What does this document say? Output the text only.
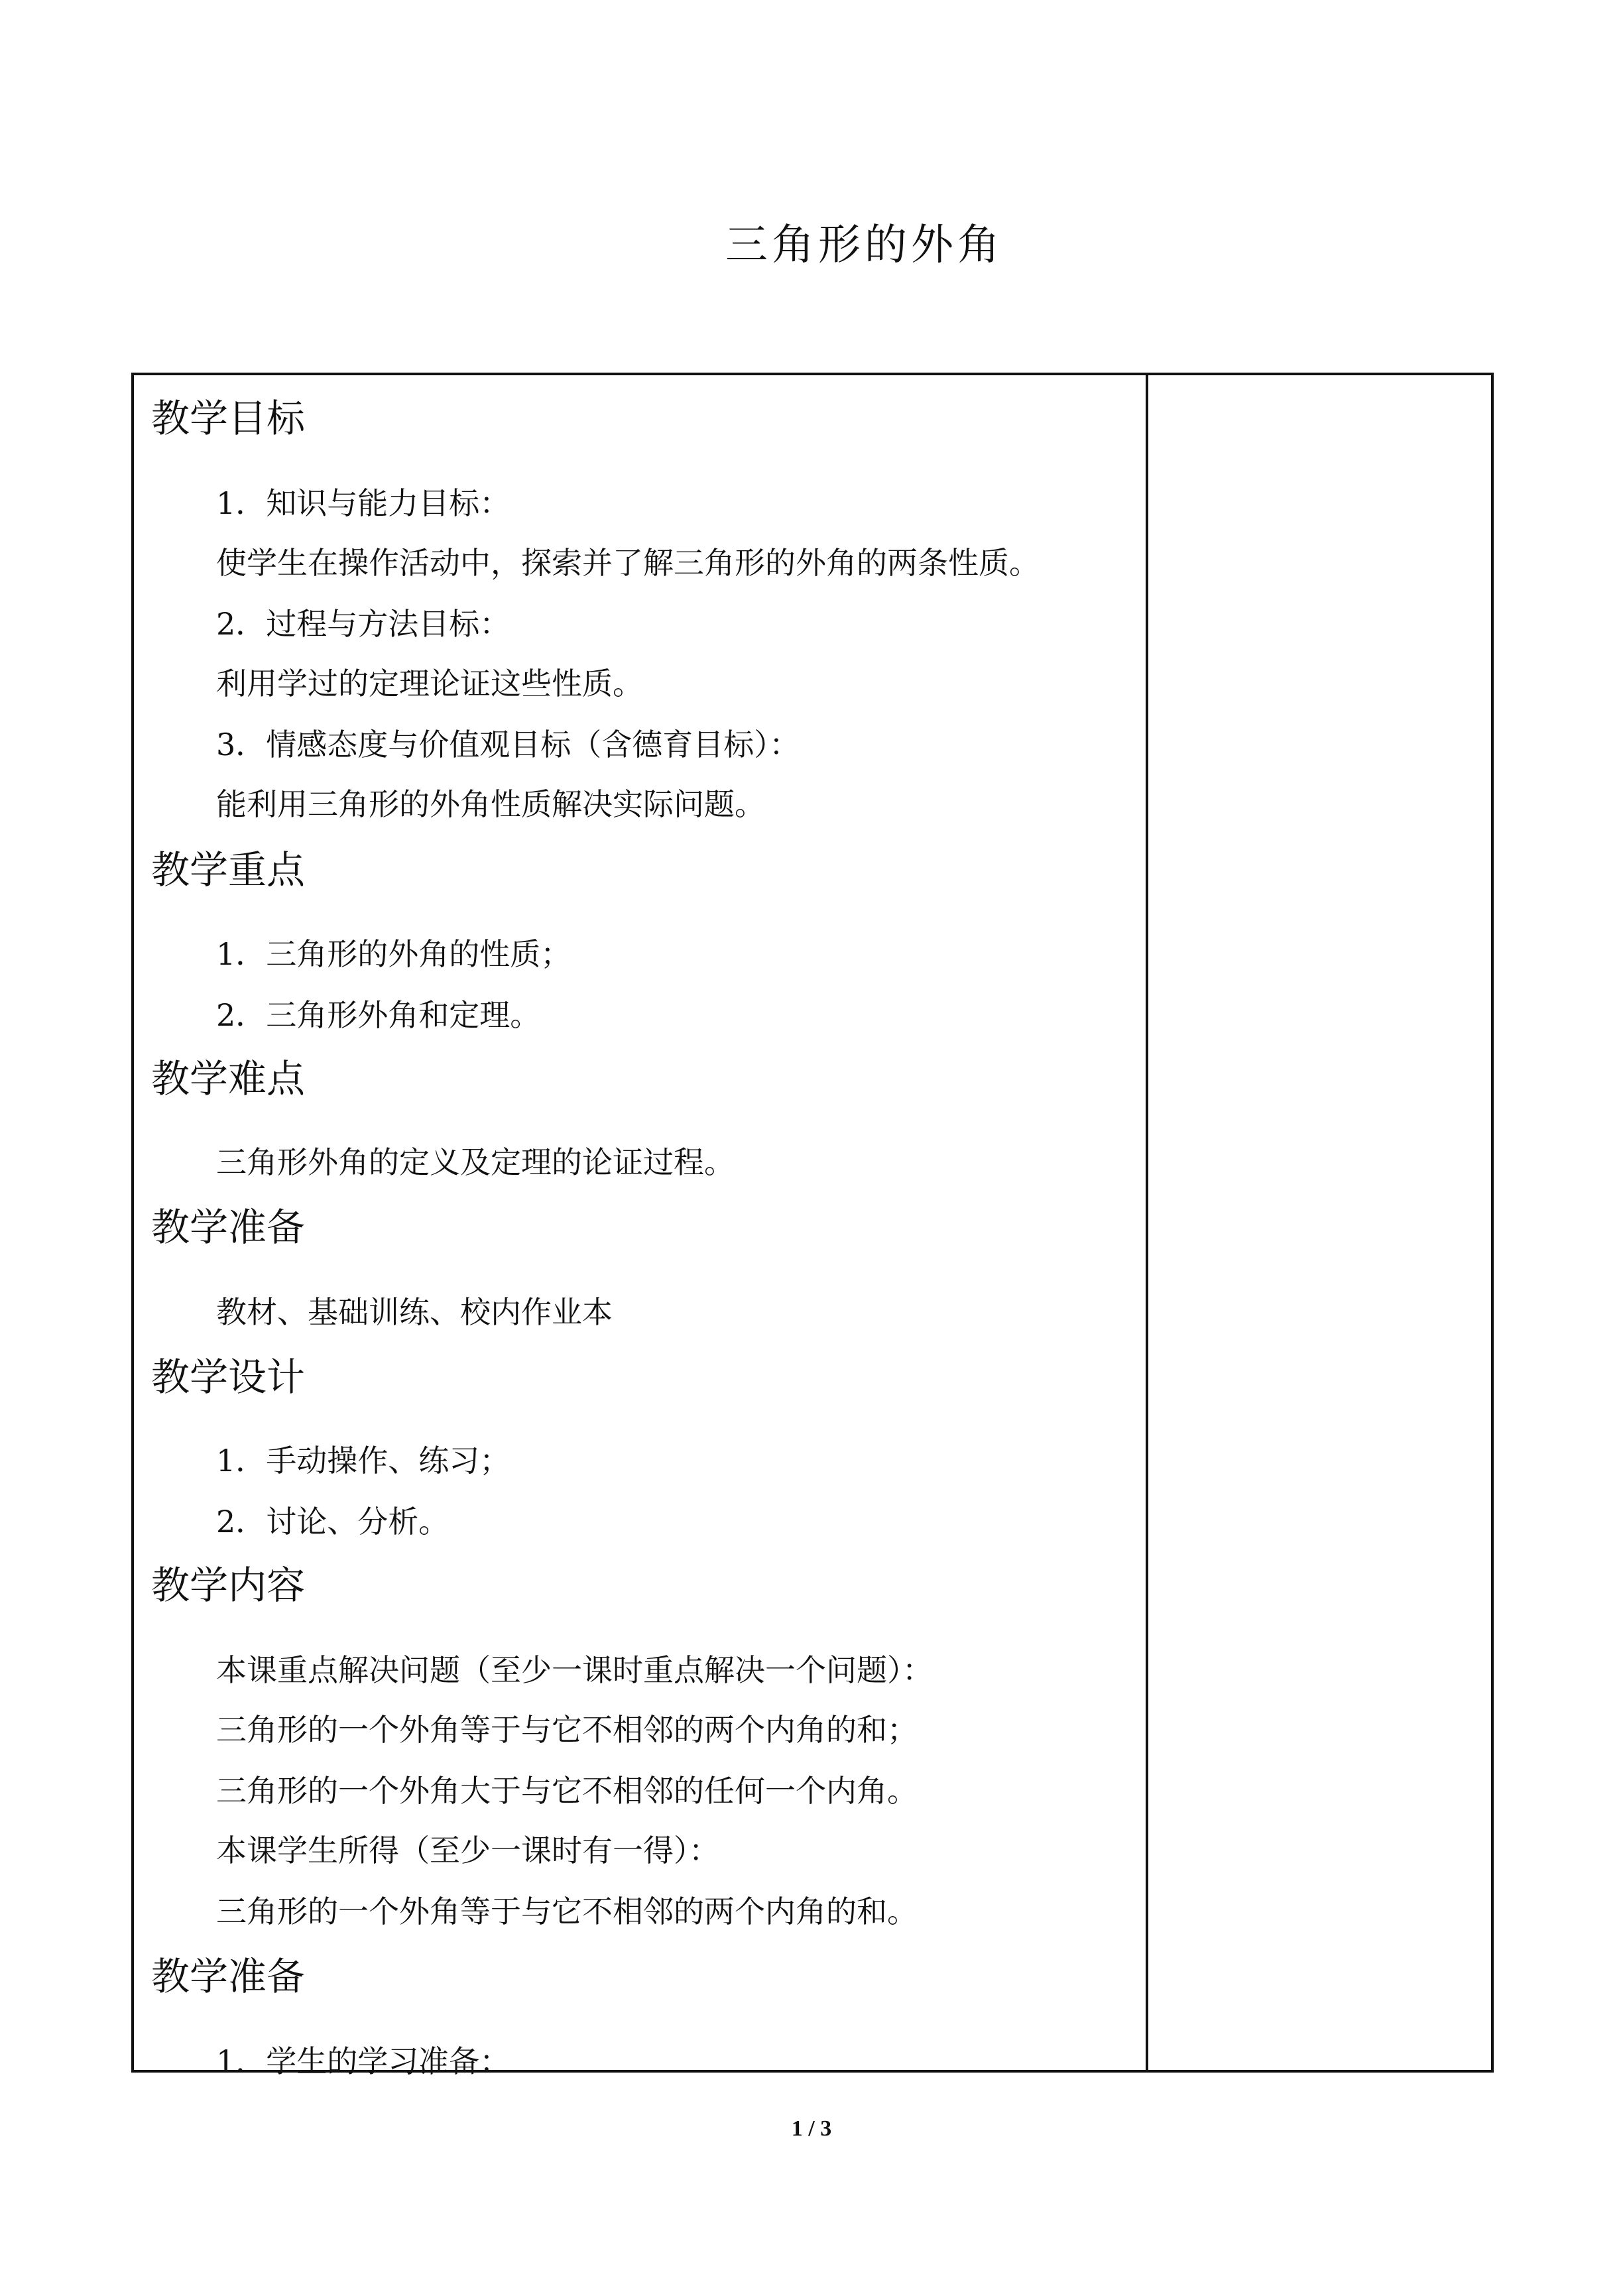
三角形的外角
教学目标
1．知识与能力目标：
使学生在操作活动中，探索并了解三角形的外角的两条性质。
2．过程与方法目标：
利用学过的定理论证这些性质。
3．情感态度与价值观目标（含德育目标）：
能利用三角形的外角性质解决实际问题。
教学重点
1．三角形的外角的性质；
2．三角形外角和定理。
教学难点
三角形外角的定义及定理的论证过程。
教学准备
教材、基础训练、校内作业本
教学设计
1．手动操作、练习；
2．讨论、分析。
教学内容
本课重点解决问题（至少一课时重点解决一个问题）：
三角形的一个外角等于与它不相邻的两个内角的和；
三角形的一个外角大于与它不相邻的任何一个内角。
本课学生所得（至少一课时有一得）：
三角形的一个外角等于与它不相邻的两个内角的和。
教学准备
1．学生的学习准备：
1 / 3
